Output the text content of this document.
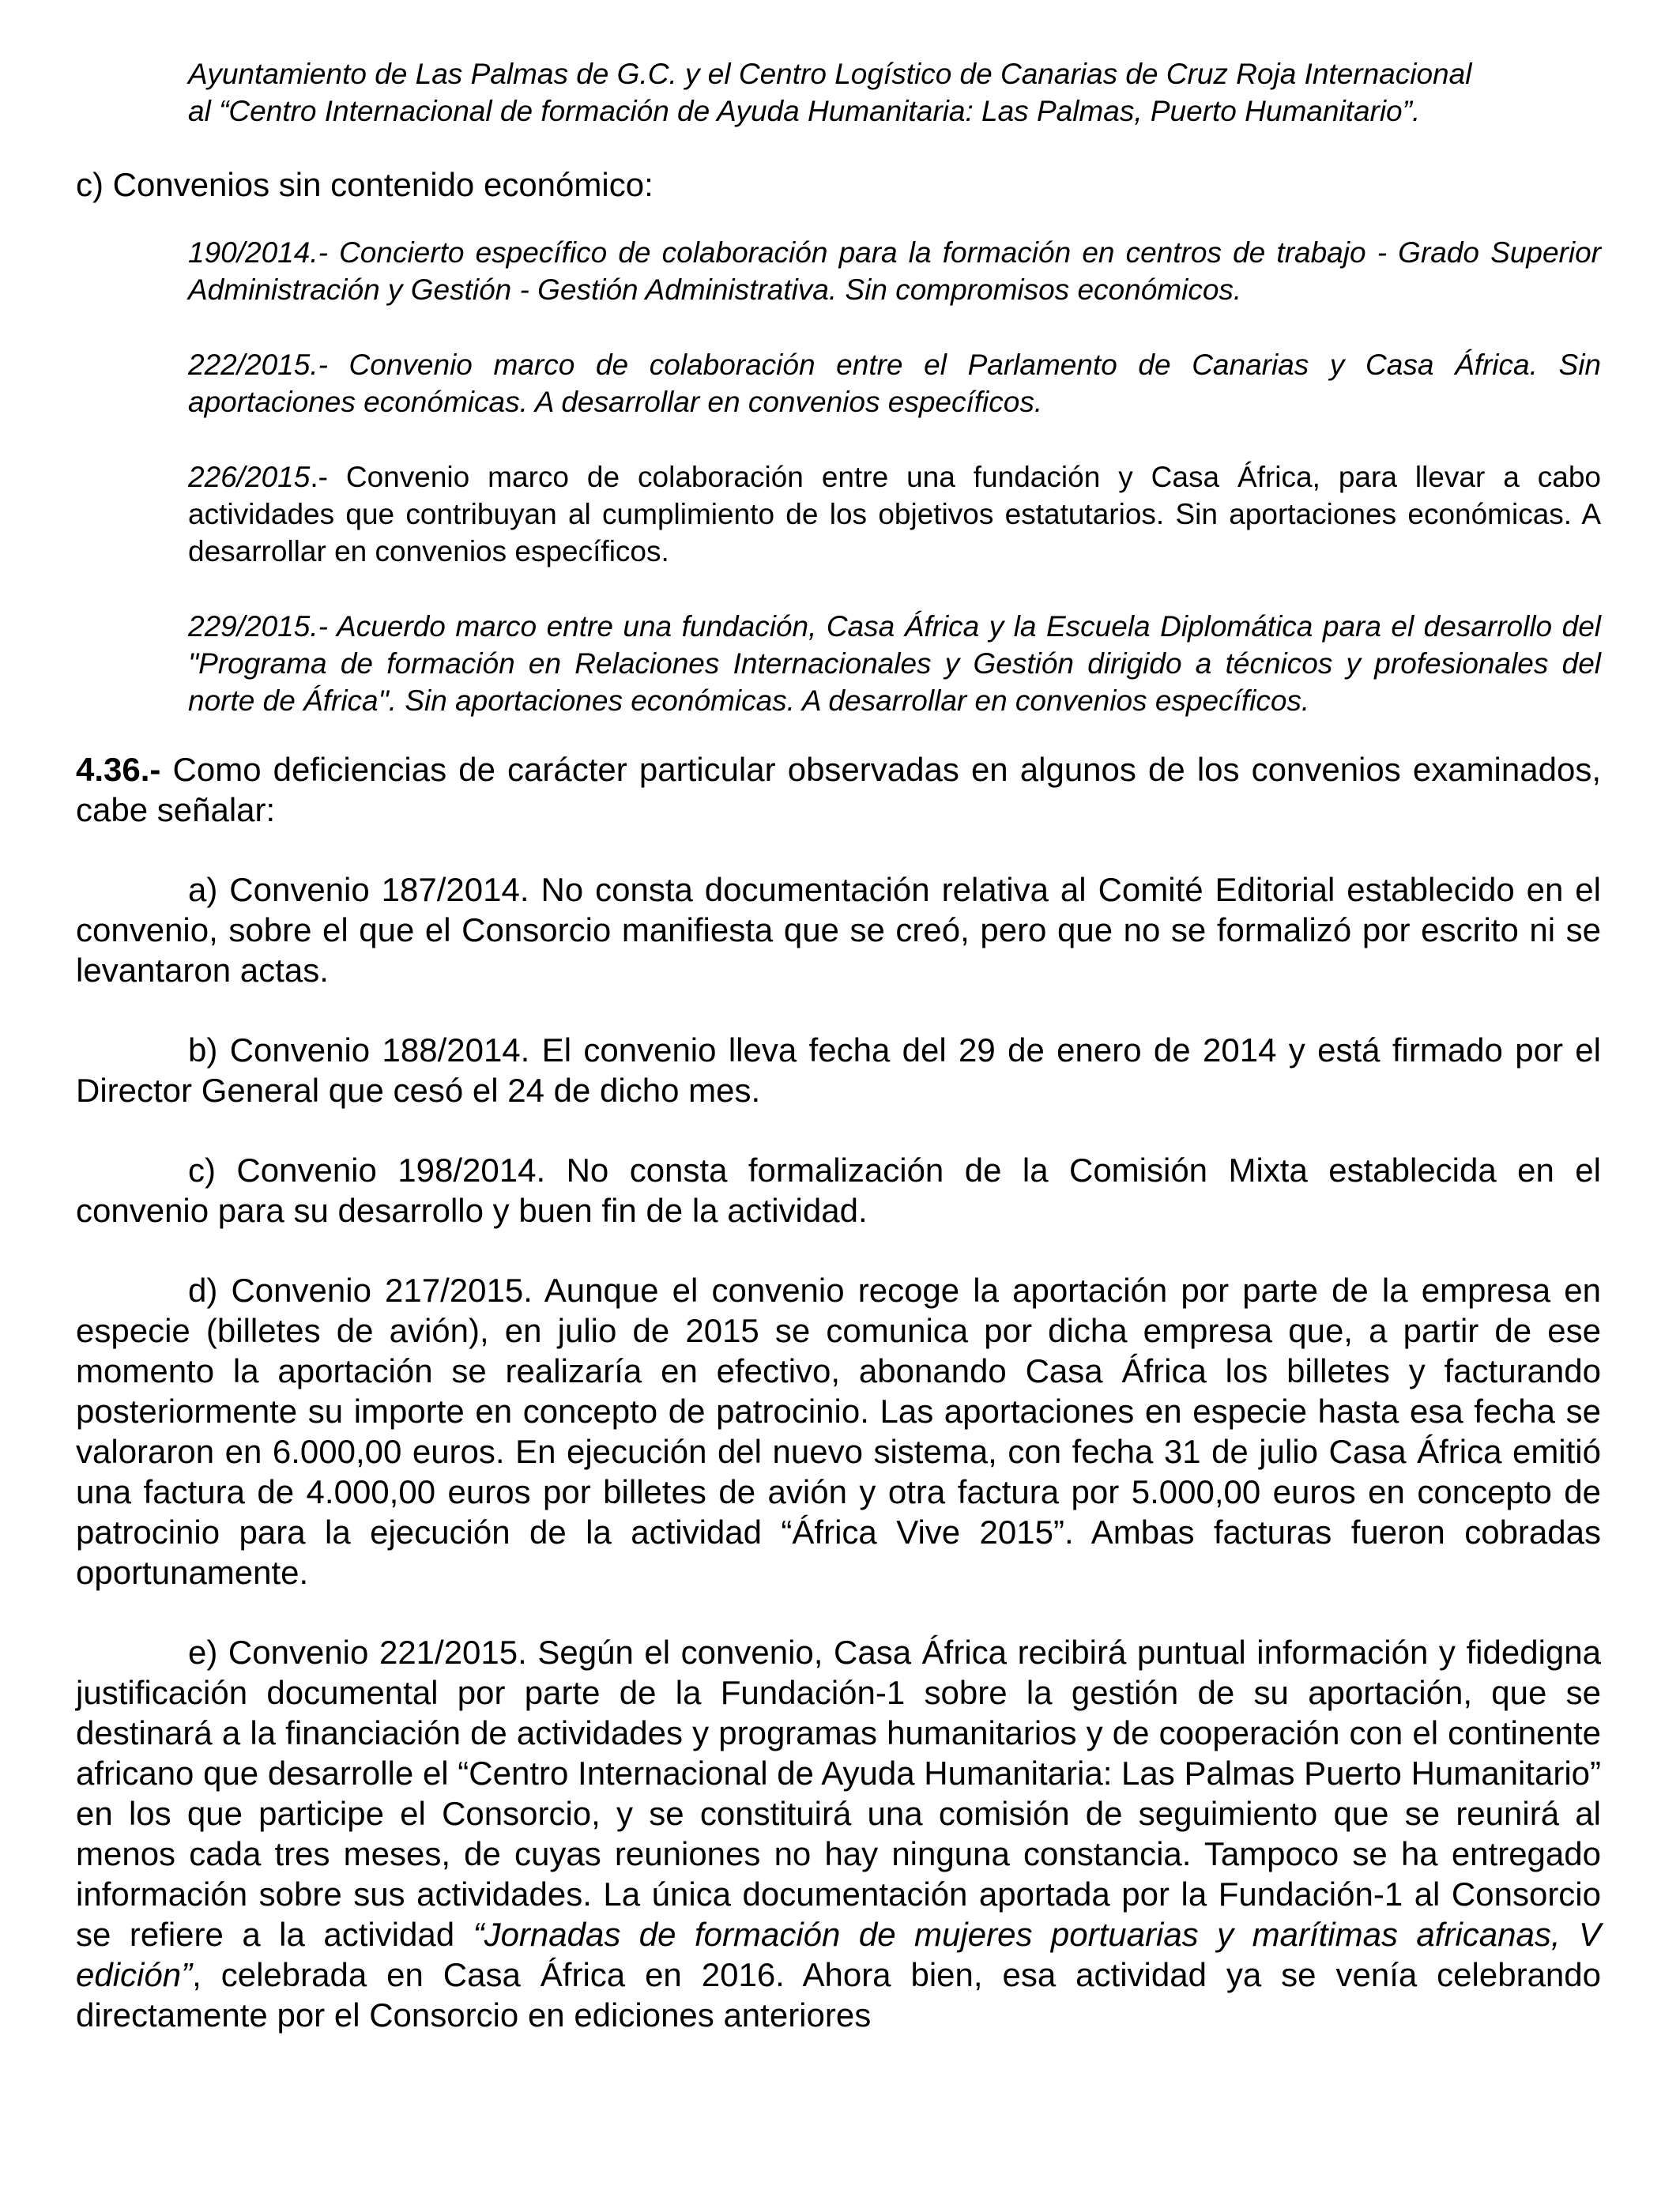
Ayuntamiento de Las Palmas de G.C. y el Centro Logístico de Canarias de Cruz Roja Internacional
al “Centro Internacional de formación de Ayuda Humanitaria: Las Palmas, Puerto Humanitario”.

c) Convenios sin contenido económico:

190/2014.- Concierto específico de colaboración para la formación en centros de trabajo - Grado Superior Administración y Gestión - Gestión Administrativa. Sin compromisos económicos.

222/2015.- Convenio marco de colaboración entre el Parlamento de Canarias y Casa África. Sin aportaciones económicas. A desarrollar en convenios específicos.

226/2015.- Convenio marco de colaboración entre una fundación y Casa África, para llevar a cabo actividades que contribuyan al cumplimiento de los objetivos estatutarios. Sin aportaciones económicas. A desarrollar en convenios específicos.

229/2015.- Acuerdo marco entre una fundación, Casa África y la Escuela Diplomática para el desarrollo del "Programa de formación en Relaciones Internacionales y Gestión dirigido a técnicos y profesionales del norte de África". Sin aportaciones económicas. A desarrollar en convenios específicos.

4.36.- Como deficiencias de carácter particular observadas en algunos de los convenios examinados, cabe señalar:

a) Convenio 187/2014. No consta documentación relativa al Comité Editorial establecido en el convenio, sobre el que el Consorcio manifiesta que se creó, pero que no se formalizó por escrito ni se levantaron actas.

b) Convenio 188/2014. El convenio lleva fecha del 29 de enero de 2014 y está firmado por el Director General que cesó el 24 de dicho mes.

c) Convenio 198/2014. No consta formalización de la Comisión Mixta establecida en el convenio para su desarrollo y buen fin de la actividad.

d) Convenio 217/2015. Aunque el convenio recoge la aportación por parte de la empresa en especie (billetes de avión), en julio de 2015 se comunica por dicha empresa que, a partir de ese momento la aportación se realizaría en efectivo, abonando Casa África los billetes y facturando posteriormente su importe en concepto de patrocinio. Las aportaciones en especie hasta esa fecha se valoraron en 6.000,00 euros. En ejecución del nuevo sistema, con fecha 31 de julio Casa África emitió una factura de 4.000,00 euros por billetes de avión y otra factura por 5.000,00 euros en concepto de patrocinio para la ejecución de la actividad “África Vive 2015”. Ambas facturas fueron cobradas oportunamente.

e) Convenio 221/2015. Según el convenio, Casa África recibirá puntual información y fidedigna justificación documental por parte de la Fundación-1 sobre la gestión de su aportación, que se destinará a la financiación de actividades y programas humanitarios y de cooperación con el continente africano que desarrolle el “Centro Internacional de Ayuda Humanitaria: Las Palmas Puerto Humanitario” en los que participe el Consorcio, y se constituirá una comisión de seguimiento que se reunirá al menos cada tres meses, de cuyas reuniones no hay ninguna constancia. Tampoco se ha entregado información sobre sus actividades. La única documentación aportada por la Fundación-1 al Consorcio se refiere a la actividad “Jornadas de formación de mujeres portuarias y marítimas africanas, V edición”, celebrada en Casa África en 2016. Ahora bien, esa actividad ya se venía celebrando directamente por el Consorcio en ediciones anteriores
